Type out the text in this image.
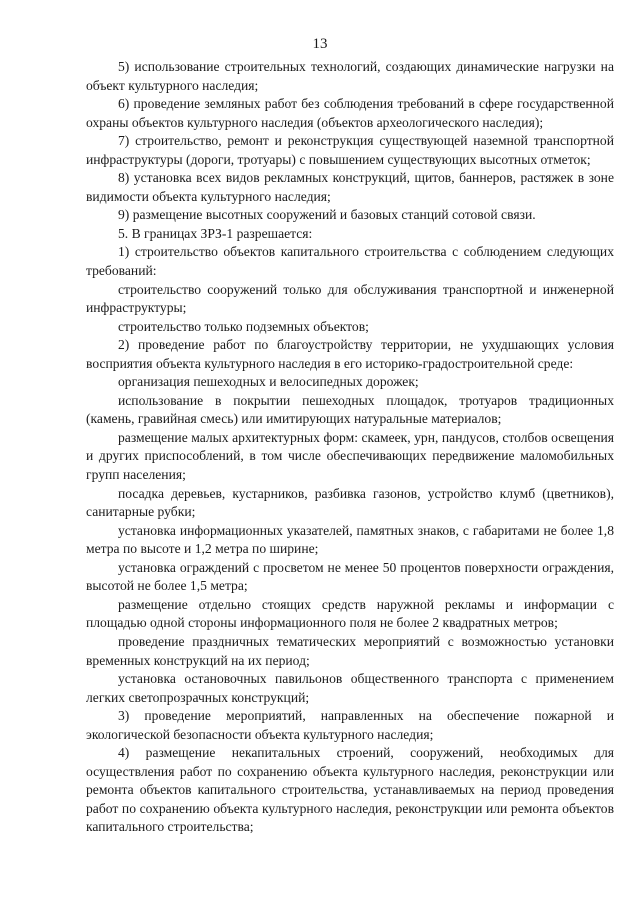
13

5) использование строительных технологий, создающих динамические нагрузки на объект культурного наследия;

6) проведение земляных работ без соблюдения требований в сфере государственной охраны объектов культурного наследия (объектов археологического наследия);

7) строительство, ремонт и реконструкция существующей наземной транспортной инфраструктуры (дороги, тротуары) с повышением существующих высотных отметок;

8) установка всех видов рекламных конструкций, щитов, баннеров, растяжек в зоне видимости объекта культурного наследия;

9) размещение высотных сооружений и базовых станций сотовой связи.

5. В границах ЗРЗ-1 разрешается:

1) строительство объектов капитального строительства с соблюдением следующих требований:

строительство сооружений только для обслуживания транспортной и инженерной инфраструктуры;

строительство только подземных объектов;

2) проведение работ по благоустройству территории, не ухудшающих условия восприятия объекта культурного наследия в его историко-градостроительной среде:

организация пешеходных и велосипедных дорожек;

использование в покрытии пешеходных площадок, тротуаров традиционных (камень, гравийная смесь) или имитирующих натуральные материалов;

размещение малых архитектурных форм: скамеек, урн, пандусов, столбов освещения и других приспособлений, в том числе обеспечивающих передвижение маломобильных групп населения;

посадка деревьев, кустарников, разбивка газонов, устройство клумб (цветников), санитарные рубки;

установка информационных указателей, памятных знаков, с габаритами не более 1,8 метра по высоте и 1,2 метра по ширине;

установка ограждений с просветом не менее 50 процентов поверхности ограждения, высотой не более 1,5 метра;

размещение отдельно стоящих средств наружной рекламы и информации с площадью одной стороны информационного поля не более 2 квадратных метров;

проведение праздничных тематических мероприятий с возможностью установки временных конструкций на их период;

установка остановочных павильонов общественного транспорта с применением легких светопрозрачных конструкций;

3) проведение мероприятий, направленных на обеспечение пожарной и экологической безопасности объекта культурного наследия;

4) размещение некапитальных строений, сооружений, необходимых для осуществления работ по сохранению объекта культурного наследия, реконструкции или ремонта объектов капитального строительства, устанавливаемых на период проведения работ по сохранению объекта культурного наследия, реконструкции или ремонта объектов капитального строительства;
